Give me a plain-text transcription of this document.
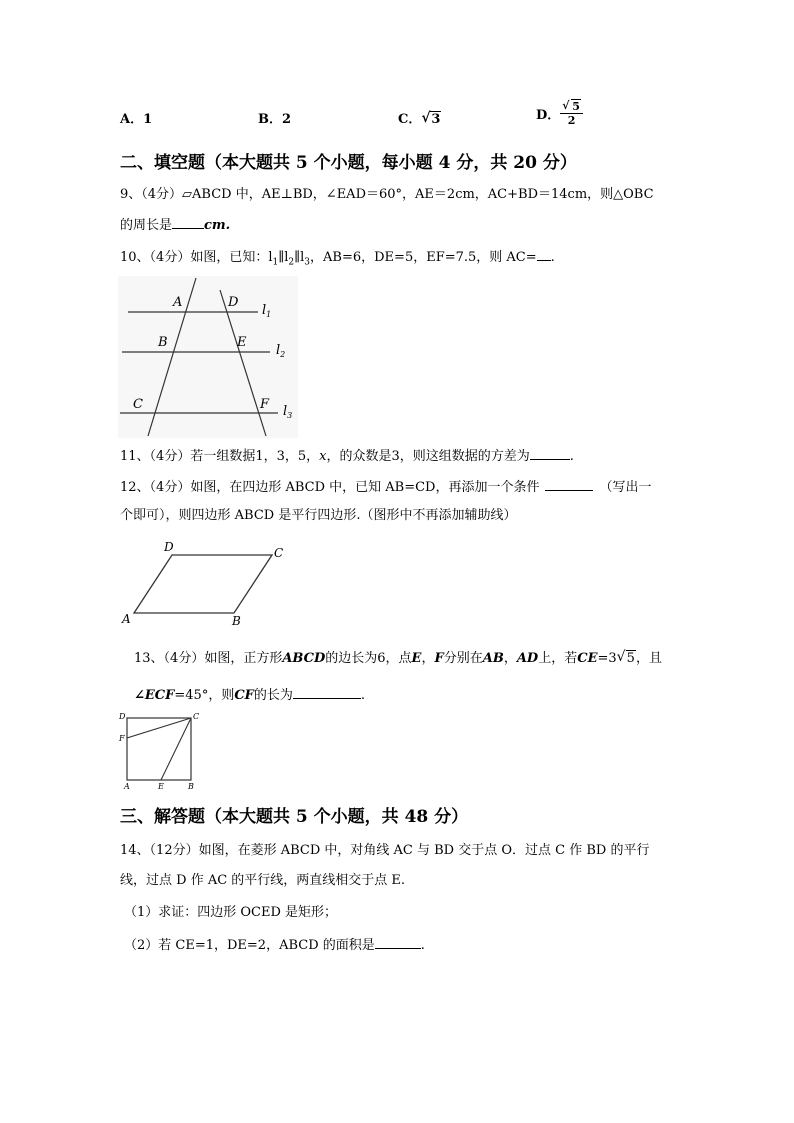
A．1	B．2	C． √ 3	D． $\frac{√ 5}{2}$
二、填空题（本大题共 5 个小题，每小题 4 分，共 20 分）
9、（4分）▱ABCD 中，AE⊥BD，∠EAD＝60°，AE＝2cm，AC+BD＝14cm，则△OBC
的周长是 cm.
10、（4分）如图，已知：$l_1\parallel l_2\parallel l_3$，AB=6，DE=5，EF=7.5，则 AC= .
A	D
$l_1$
B	E
$l_2$
C	F $l_3$
11、（4分）若一组数据1，3，5，x，的众数是3，则这组数据的方差为	.
12、（4分）如图，在四边形 ABCD 中，已知 AB=CD，再添加一个条件	（写出一
个即可），则四边形 ABCD 是平行四边形.（图形中不再添加辅助线）
A	B
C
D
13、（4分）如图，正方形ABCD的边长为6，点E，F分别在AB，AD上，若CE=3 √ 5，且
∠ECF=45°，则CF的长为	.
D	C
F
A	E	B
三、解答题（本大题共 5 个小题，共 48 分）
14、（12分）如图，在菱形 ABCD 中，对角线 AC 与 BD 交于点 O．过点 C 作 BD 的平行
线，过点 D 作 AC 的平行线，两直线相交于点 E.
（1）求证：四边形 OCED 是矩形；
（2）若 CE=1，DE=2，ABCD 的面积是	.
